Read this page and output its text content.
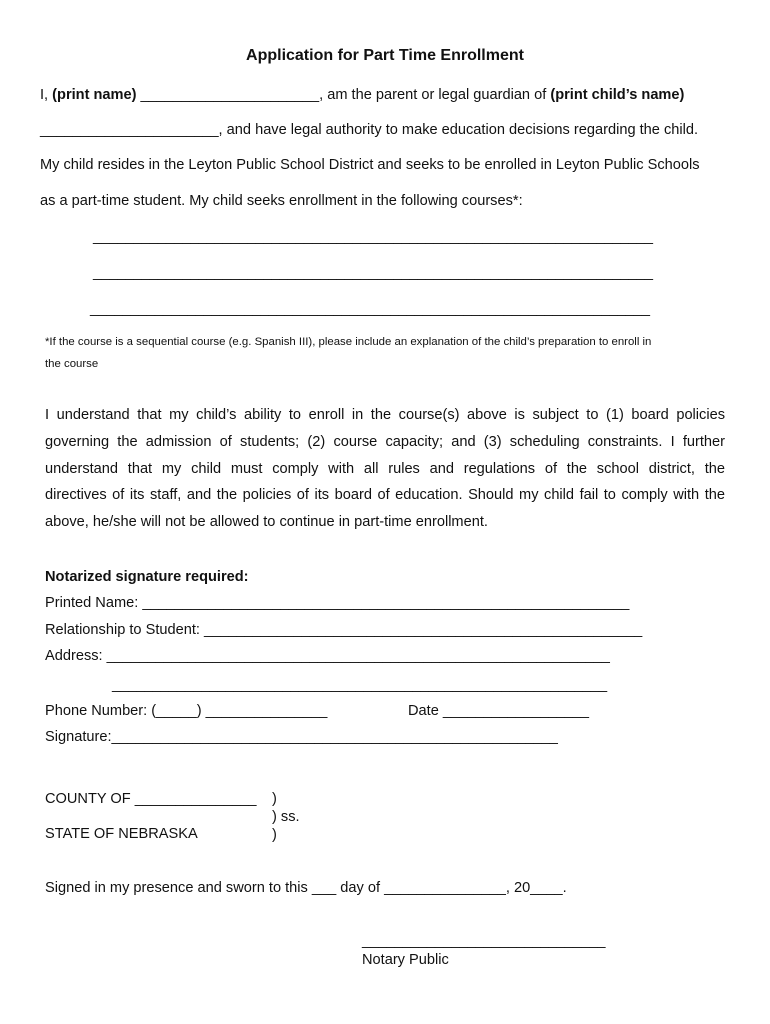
Application for Part Time Enrollment
I, (print name) ______________________, am the parent or legal guardian of (print child’s name)
______________________, and have legal authority to make education decisions regarding the child.
My child resides in the Leyton Public School District and seeks to be enrolled in Leyton Public Schools
as a part-time student. My child seeks enrollment in the following courses*:
_____________________________________________________________________
_____________________________________________________________________
_____________________________________________________________________
*If the course is a sequential course (e.g. Spanish III), please include an explanation of the child’s preparation to enroll in
the course
I understand that my child’s ability to enroll in the course(s) above is subject to (1) board policies
governing the admission of students; (2) course capacity; and (3) scheduling constraints. I further
understand that my child must comply with all rules and regulations of the school district, the
directives of its staff, and the policies of its board of education. Should my child fail to comply with the
above, he/she will not be allowed to continue in part-time enrollment.
Notarized signature required:
Printed Name: ____________________________________________________________
Relationship to Student: ______________________________________________________
Address: ______________________________________________________________
_____________________________________________________________
Phone Number: (_____) _______________	Date __________________
Signature:_______________________________________________________
COUNTY OF _______________ )
) ss.
STATE OF NEBRASKA	)
Signed in my presence and sworn to this ___ day of _______________, 20____.
______________________________
Notary Public
